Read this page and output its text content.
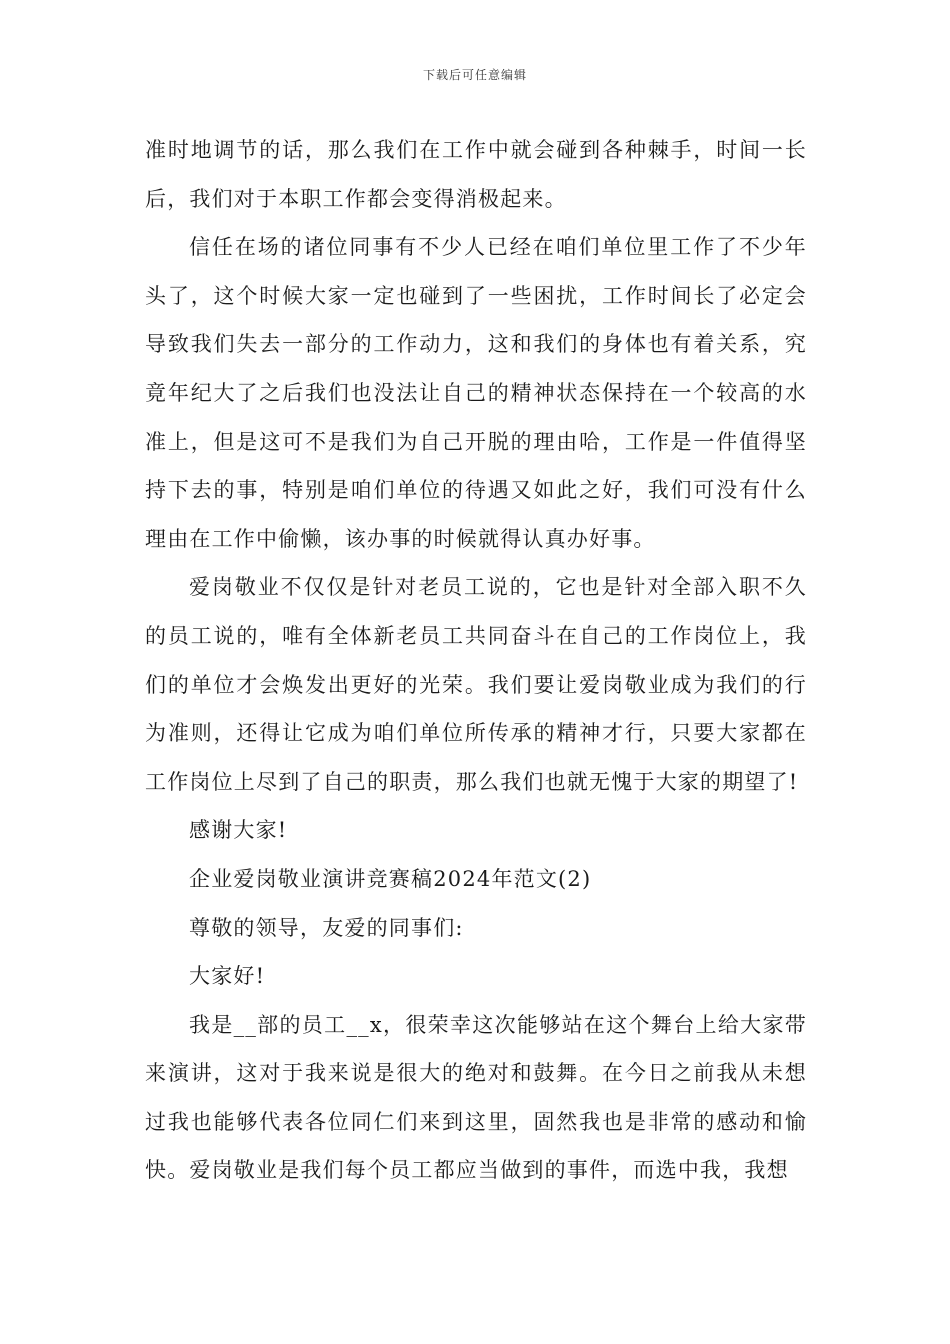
下载后可任意编辑

准时地调节的话，那么我们在工作中就会碰到各种棘手，时间一长后，我们对于本职工作都会变得消极起来。

信任在场的诸位同事有不少人已经在咱们单位里工作了不少年头了，这个时候大家一定也碰到了一些困扰，工作时间长了必定会导致我们失去一部分的工作动力，这和我们的身体也有着关系，究竟年纪大了之后我们也没法让自己的精神状态保持在一个较高的水准上，但是这可不是我们为自己开脱的理由哈，工作是一件值得坚持下去的事，特别是咱们单位的待遇又如此之好，我们可没有什么理由在工作中偷懒，该办事的时候就得认真办好事。

爱岗敬业不仅仅是针对老员工说的，它也是针对全部入职不久的员工说的，唯有全体新老员工共同奋斗在自己的工作岗位上，我们的单位才会焕发出更好的光荣。我们要让爱岗敬业成为我们的行为准则，还得让它成为咱们单位所传承的精神才行，只要大家都在工作岗位上尽到了自己的职责，那么我们也就无愧于大家的期望了!

感谢大家!

企业爱岗敬业演讲竞赛稿2024年范文(2)

尊敬的领导，友爱的同事们:

大家好!

我是__部的员工__x，很荣幸这次能够站在这个舞台上给大家带来演讲，这对于我来说是很大的绝对和鼓舞。在今日之前我从未想过我也能够代表各位同仁们来到这里，固然我也是非常的感动和愉快。爱岗敬业是我们每个员工都应当做到的事件，而选中我，我想
